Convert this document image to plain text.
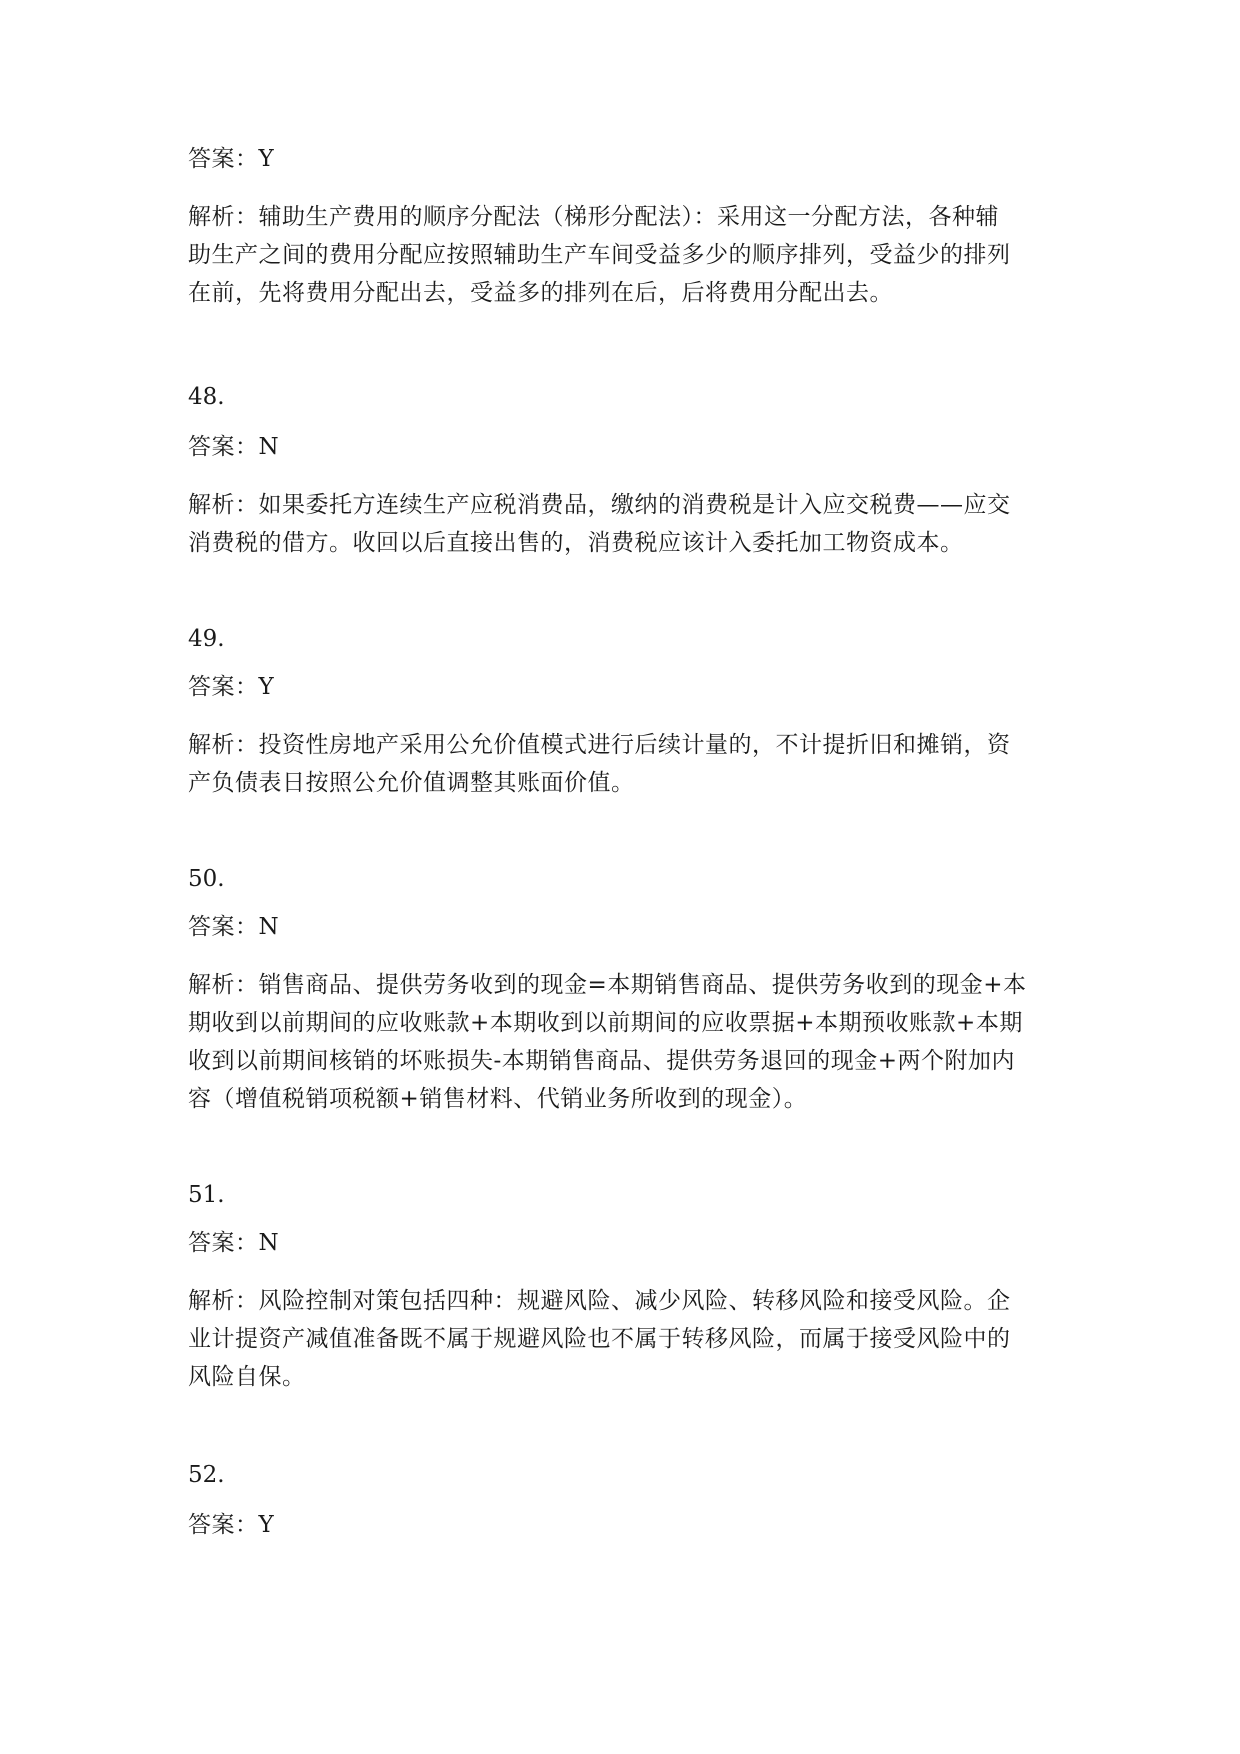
答案：Y
解析：辅助生产费用的顺序分配法（梯形分配法）：采用这一分配方法，各种辅
助生产之间的费用分配应按照辅助生产车间受益多少的顺序排列，受益少的排列
在前，先将费用分配出去，受益多的排列在后，后将费用分配出去。
48.
答案：N
解析：如果委托方连续生产应税消费品，缴纳的消费税是计入应交税费——应交
消费税的借方。收回以后直接出售的，消费税应该计入委托加工物资成本。
49.
答案：Y
解析：投资性房地产采用公允价值模式进行后续计量的，不计提折旧和摊销，资
产负债表日按照公允价值调整其账面价值。
50.
答案：N
解析：销售商品、提供劳务收到的现金=本期销售商品、提供劳务收到的现金+本
期收到以前期间的应收账款+本期收到以前期间的应收票据+本期预收账款+本期
收到以前期间核销的坏账损失-本期销售商品、提供劳务退回的现金+两个附加内
容（增值税销项税额+销售材料、代销业务所收到的现金）。
51.
答案：N
解析：风险控制对策包括四种：规避风险、减少风险、转移风险和接受风险。企
业计提资产减值准备既不属于规避风险也不属于转移风险，而属于接受风险中的
风险自保。
52.
答案：Y
